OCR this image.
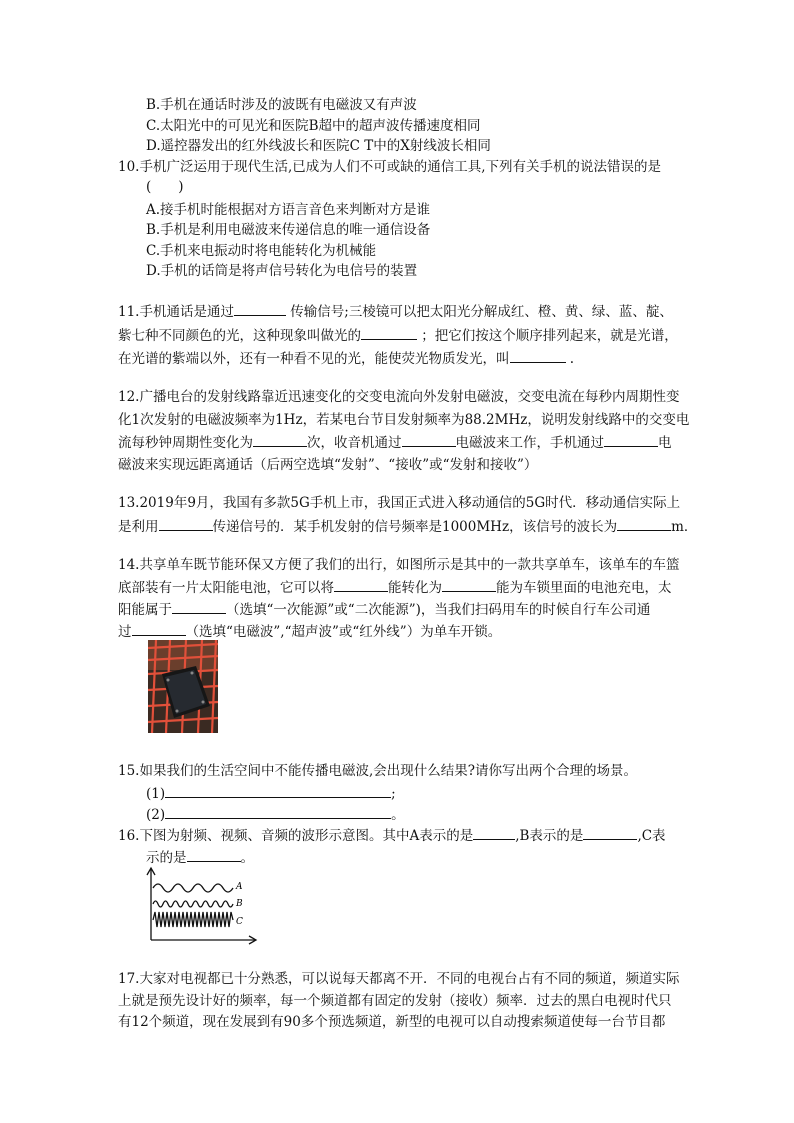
B.手机在通话时涉及的波既有电磁波又有声波
C.太阳光中的可见光和医院B超中的超声波传播速度相同
D.遥控器发出的红外线波长和医院C T中的X射线波长相同
10.手机广泛运用于现代生活,已成为人们不可或缺的通信工具,下列有关手机的说法错误的是
(　　)
A.接手机时能根据对方语言音色来判断对方是谁
B.手机是利用电磁波来传递信息的唯一通信设备
C.手机来电振动时将电能转化为机械能
D.手机的话筒是将声信号转化为电信号的装置
11.手机通话是通过	传输信号;三棱镜可以把太阳光分解成红、橙、黄、绿、蓝、靛、
紫七种不同颜色的光，这种现象叫做光的	；把它们按这个顺序排列起来，就是光谱，
在光谱的紫端以外，还有一种看不见的光，能使荧光物质发光，叫	.
12.广播电台的发射线路靠近迅速变化的交变电流向外发射电磁波，交变电流在每秒内周期性变
化1次发射的电磁波频率为1Hz，若某电台节目发射频率为88.2MHz，说明发射线路中的交变电
流每秒钟周期性变化为	次，收音机通过	电磁波来工作，手机通过	电
磁波来实现远距离通话（后两空选填“发射”、“接收”或“发射和接收”）
13.2019年9月，我国有多款5G手机上市，我国正式进入移动通信的5G时代．移动通信实际上
是利用	传递信号的．某手机发射的信号频率是1000MHz，该信号的波长为	m．
14.共享单车既节能环保又方便了我们的出行，如图所示是其中的一款共享单车，该单车的车篮
底部装有一片太阳能电池，它可以将	能转化为	能为车锁里面的电池充电，太
阳能属于	（选填“一次能源”或“二次能源”)，当我们扫码用车的时候自行车公司通
过	（选填“电磁波”,“超声波”或“红外线”）为单车开锁。
15.如果我们的生活空间中不能传播电磁波,会出现什么结果?请你写出两个合理的场景。
(1)	;
(2)	。
16.下图为射频、视频、音频的波形示意图。其中A表示的是	,B表示的是	,C表
示的是	。
A
B
C
17.大家对电视都已十分熟悉，可以说每天都离不开．不同的电视台占有不同的频道，频道实际
上就是预先设计好的频率，每一个频道都有固定的发射（接收）频率．过去的黑白电视时代只
有12个频道，现在发展到有90多个预选频道，新型的电视可以自动搜索频道使每一台节目都
